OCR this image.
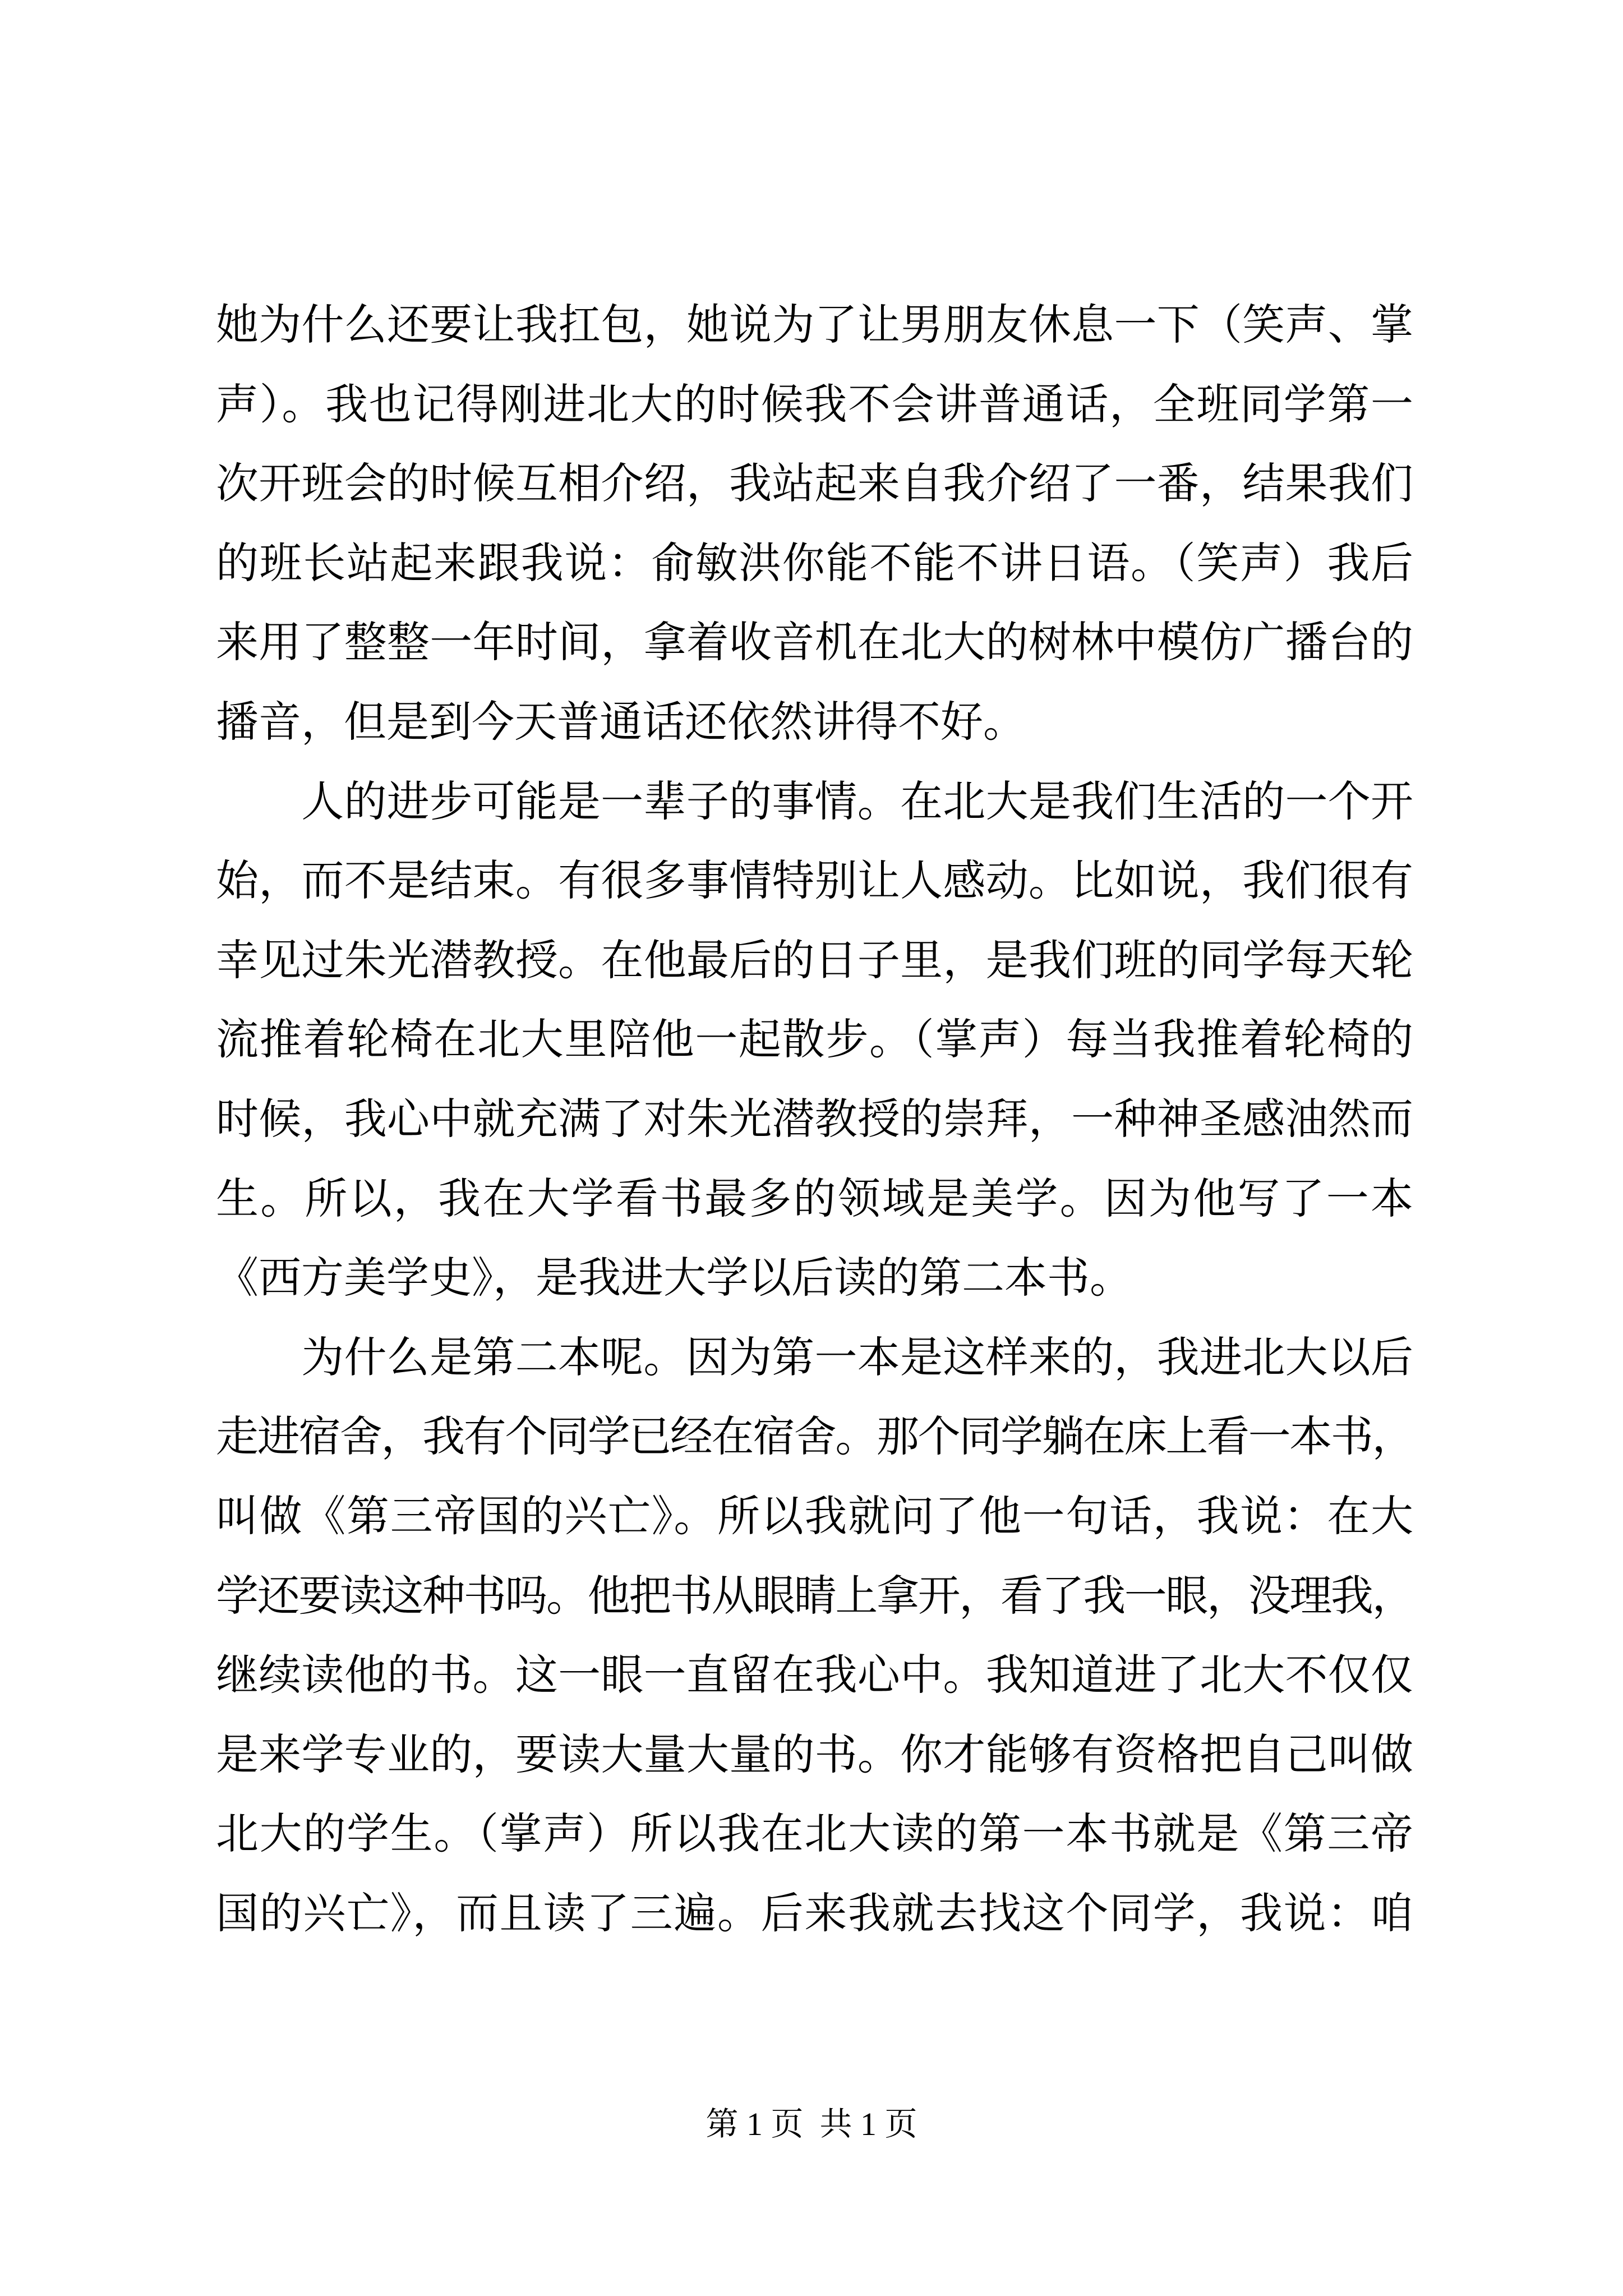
她为什么还要让我扛包，她说为了让男朋友休息一下（笑声、掌
声）。我也记得刚进北大的时候我不会讲普通话，全班同学第一
次开班会的时候互相介绍，我站起来自我介绍了一番，结果我们
的班长站起来跟我说：俞敏洪你能不能不讲日语。（笑声）我后
来用了整整一年时间，拿着收音机在北大的树林中模仿广播台的
播音，但是到今天普通话还依然讲得不好。
人的进步可能是一辈子的事情。在北大是我们生活的一个开
始，而不是结束。有很多事情特别让人感动。比如说，我们很有
幸见过朱光潜教授。在他最后的日子里，是我们班的同学每天轮
流推着轮椅在北大里陪他一起散步。（掌声）每当我推着轮椅的
时候，我心中就充满了对朱光潜教授的崇拜，一种神圣感油然而
生。所以，我在大学看书最多的领域是美学。因为他写了一本
《西方美学史》，是我进大学以后读的第二本书。
为什么是第二本呢。因为第一本是这样来的，我进北大以后
走进宿舍，我有个同学已经在宿舍。那个同学躺在床上看一本书，
叫做《第三帝国的兴亡》。所以我就问了他一句话，我说：在大
学还要读这种书吗。他把书从眼睛上拿开，看了我一眼，没理我，
继续读他的书。这一眼一直留在我心中。我知道进了北大不仅仅
是来学专业的，要读大量大量的书。你才能够有资格把自己叫做
北大的学生。（掌声）所以我在北大读的第一本书就是《第三帝
国的兴亡》，而且读了三遍。后来我就去找这个同学，我说：咱
第 1 页  共 1 页
